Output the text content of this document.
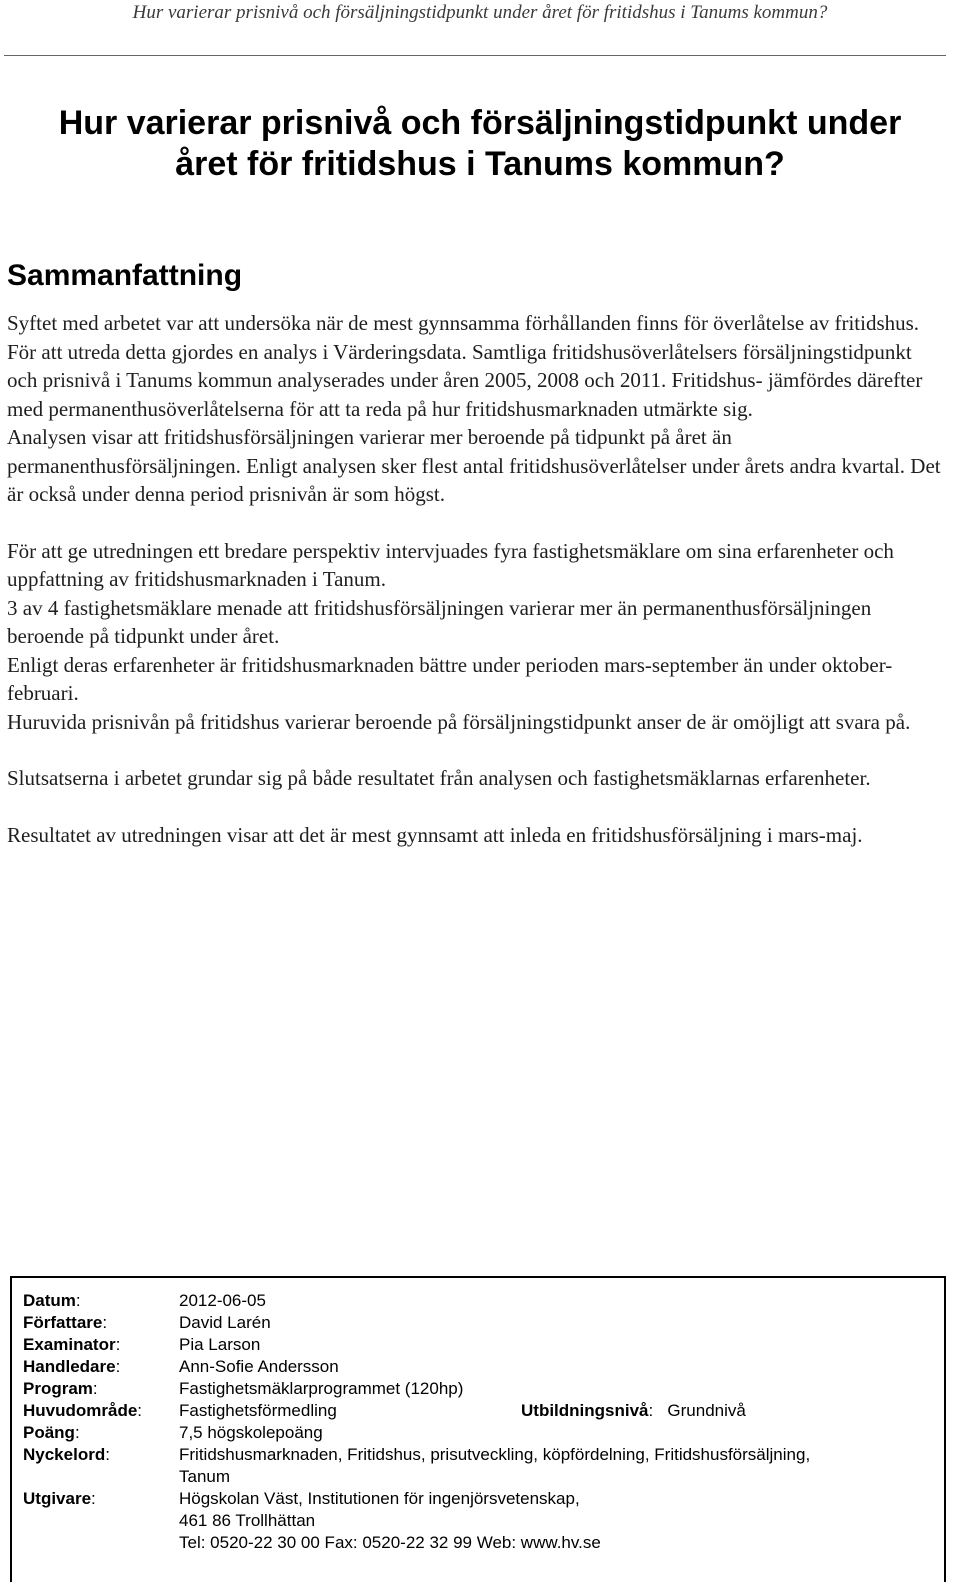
Hur varierar prisnivå och försäljningstidpunkt under året för fritidshus i Tanums kommun?
Hur varierar prisnivå och försäljningstidpunkt under
året för fritidshus i Tanums kommun?
Sammanfattning

Syftet med arbetet var att undersöka när de mest gynnsamma förhållanden finns för överlåtelse av fritidshus.

För att utreda detta gjordes en analys i Värderingsdata. Samtliga fritidshusöverlåtelsers försäljningstidpunkt och prisnivå i Tanums kommun analyserades under åren 2005, 2008 och 2011. Fritidshus- jämfördes därefter med permanenthusöverlåtelserna för att ta reda på hur fritidshusmarknaden utmärkte sig.

Analysen visar att fritidshusförsäljningen varierar mer beroende på tidpunkt på året än permanenthusförsäljningen. Enligt analysen sker flest antal fritidshusöverlåtelser under årets andra kvartal. Det är också under denna period prisnivån är som högst.

För att ge utredningen ett bredare perspektiv intervjuades fyra fastighetsmäklare om sina erfarenheter och uppfattning av fritidshusmarknaden i Tanum.

3 av 4 fastighetsmäklare menade att fritidshusförsäljningen varierar mer än permanenthusförsäljningen beroende på tidpunkt under året.

Enligt deras erfarenheter är fritidshusmarknaden bättre under perioden mars-september än under oktober-februari.

Huruvida prisnivån på fritidshus varierar beroende på försäljningstidpunkt anser de är omöjligt att svara på.

Slutsatserna i arbetet grundar sig på både resultatet från analysen och fastighetsmäklarnas erfarenheter.

Resultatet av utredningen visar att det är mest gynnsamt att inleda en fritidshusförsäljning i mars-maj.

Datum:	2012-06-05
Författare:	David Larén
Examinator:	Pia Larson
Handledare:	Ann-Sofie Andersson
Program:	Fastighetsmäklarprogrammet (120hp)
Huvudområde: Fastighetsförmedling	Utbildningsnivå:   Grundnivå
Poäng:	7,5 högskolepoäng
Nyckelord:	Fritidshusmarknaden, Fritidshus, prisutveckling, köpfördelning, Fritidshusförsäljning,
Tanum
Utgivare:	Högskolan Väst, Institutionen för ingenjörsvetenskap,
461 86 Trollhättan
Tel: 0520-22 30 00 Fax: 0520-22 32 99 Web: www.hv.se
